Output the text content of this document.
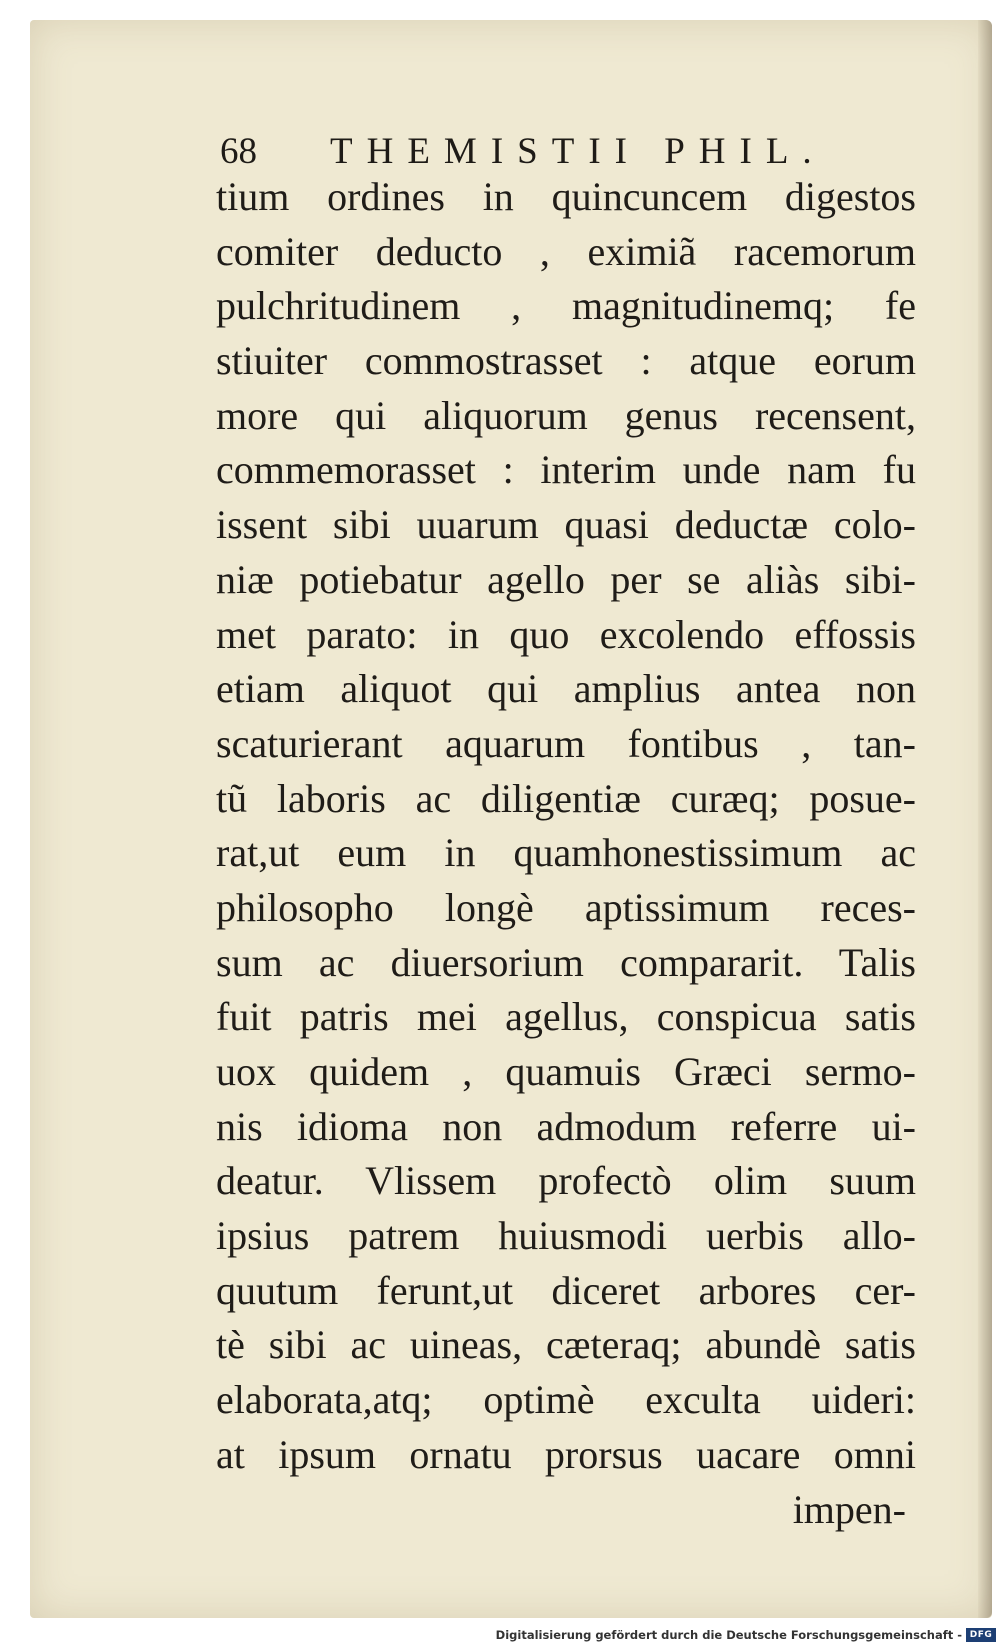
68 THEMISTII PHIL.
tium ordines in quincuncem digestos
comiter deducto , eximiã racemorum
pulchritudinem , magnitudinemq; fe
stiuiter commostrasset : atque eorum
more qui aliquorum genus recensent,
commemorasset : interim unde nam fu
issent sibi uuarum quasi deductæ colo-
niæ potiebatur agello per se aliàs sibi-
met parato: in quo excolendo effossis
etiam aliquot qui amplius antea non
scaturierant aquarum fontibus , tan-
tũ laboris ac diligentiæ curæq; posue-
rat,ut eum in quamhonestissimum ac
philosopho longè aptissimum reces-
sum ac diuersorium compararit. Talis
fuit patris mei agellus, conspicua satis
uox quidem , quamuis Græci sermo-
nis idioma non admodum referre ui-
deatur. Vlissem profectò olim suum
ipsius patrem huiusmodi uerbis allo-
quutum ferunt,ut diceret arbores cer-
tè sibi ac uineas, cæteraq; abundè satis
elaborata,atq; optimè exculta uideri:
at ipsum ornatu prorsus uacare omni
impen-
Digitalisierung gefördert durch die Deutsche Forschungsgemeinschaft - DFG
